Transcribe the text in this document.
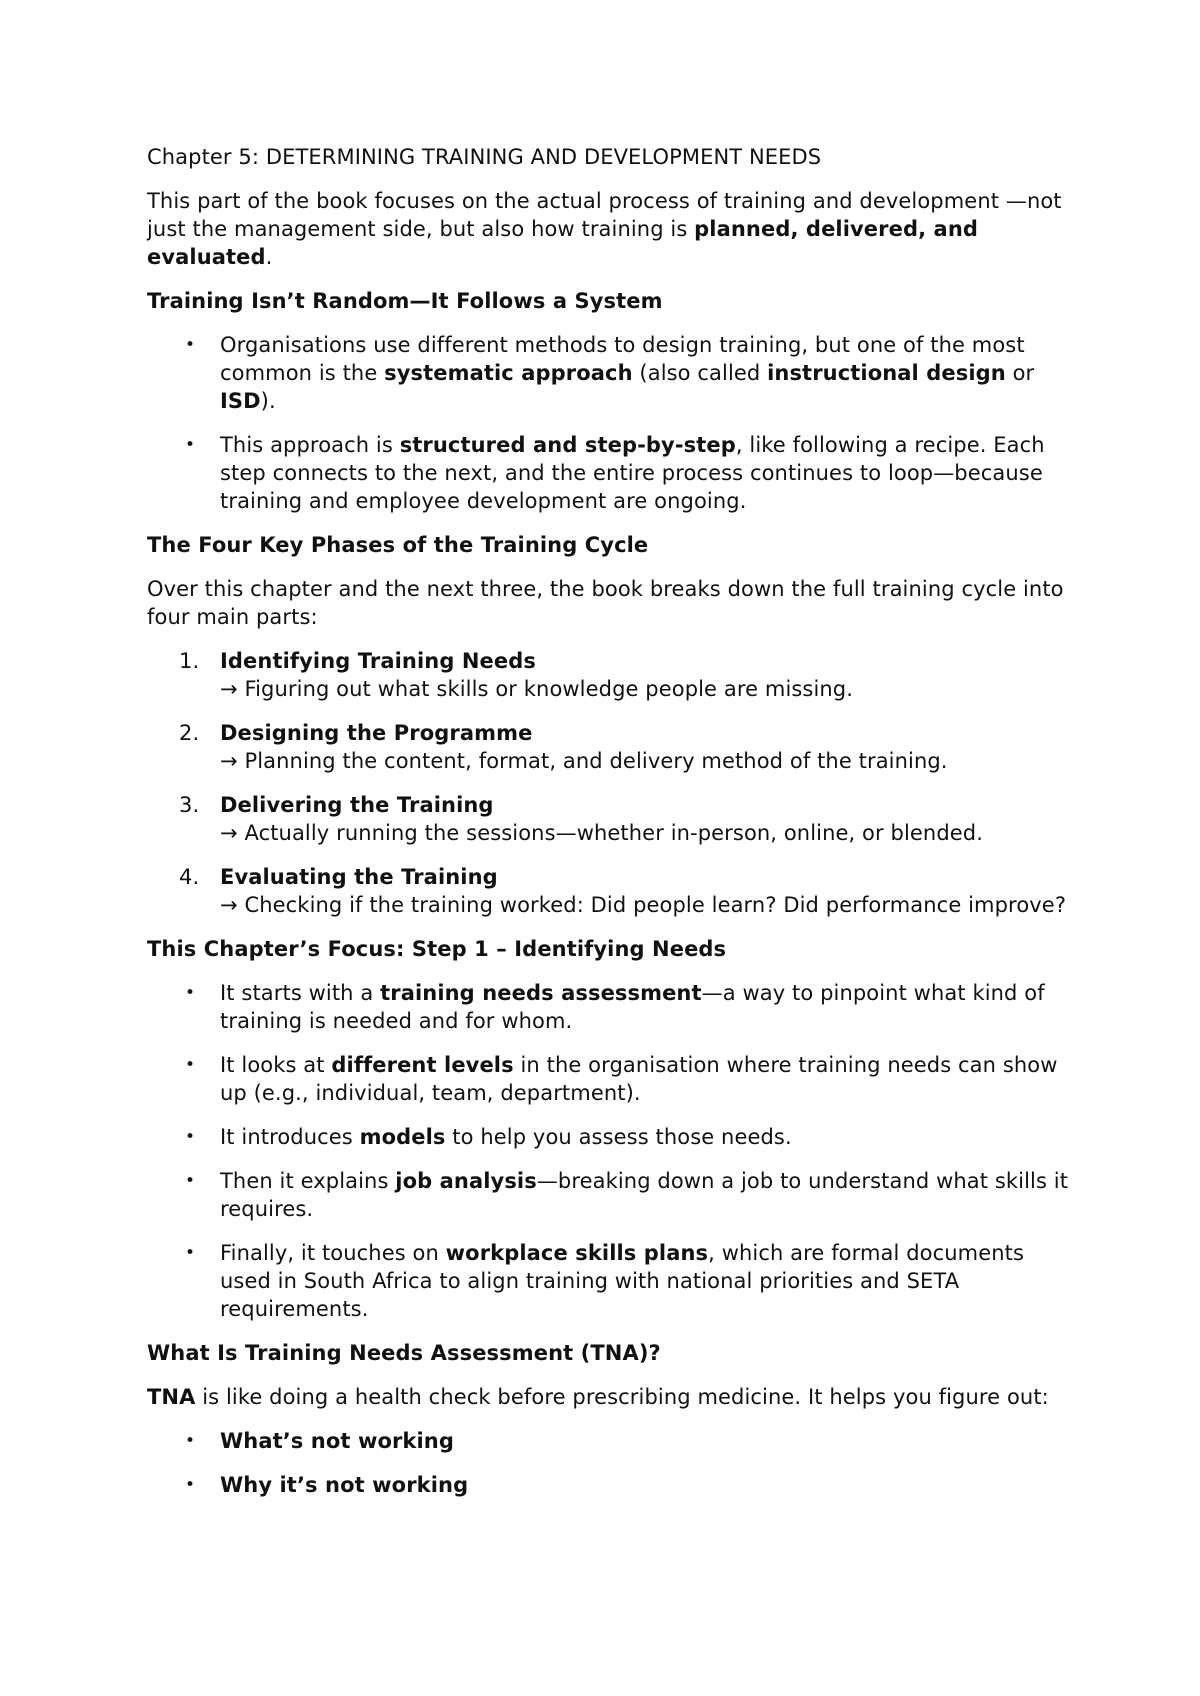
Chapter 5: DETERMINING TRAINING AND DEVELOPMENT NEEDS

This part of the book focuses on the actual process of training and development —not just the management side, but also how training is planned, delivered, and evaluated.

Training Isn’t Random—It Follows a System

•
Organisations use different methods to design training, but one of the most common is the systematic approach (also called instructional design or ISD).
•
This approach is structured and step-by-step, like following a recipe. Each step connects to the next, and the entire process continues to loop—because training and employee development are ongoing.

The Four Key Phases of the Training Cycle

Over this chapter and the next three, the book breaks down the full training cycle into four main parts:

1. Identifying Training Needs
→ Figuring out what skills or knowledge people are missing.
2. Designing the Programme
→ Planning the content, format, and delivery method of the training.
3. Delivering the Training
→ Actually running the sessions—whether in-person, online, or blended.
4. Evaluating the Training
→ Checking if the training worked: Did people learn? Did performance improve?

This Chapter’s Focus: Step 1 – Identifying Needs

•
It starts with a training needs assessment—a way to pinpoint what kind of training is needed and for whom.
•
It looks at different levels in the organisation where training needs can show up (e.g., individual, team, department).
•
It introduces models to help you assess those needs.
•
Then it explains job analysis—breaking down a job to understand what skills it requires.
•
Finally, it touches on workplace skills plans, which are formal documents used in South Africa to align training with national priorities and SETA requirements.

What Is Training Needs Assessment (TNA)?

TNA is like doing a health check before prescribing medicine. It helps you figure out:

•
What’s not working
•
Why it’s not working
